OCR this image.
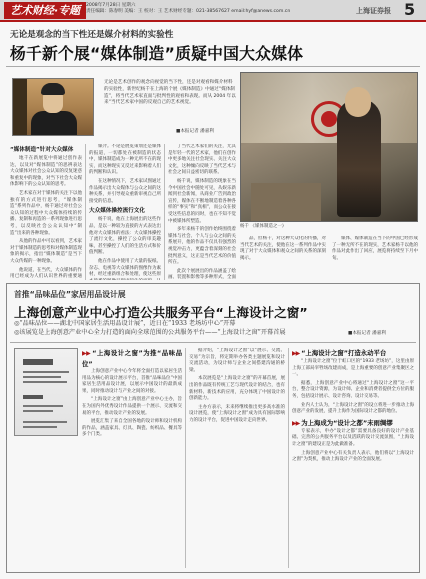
艺术财经·专题	2008年7月28日 星期六
责任编辑：陈春明 美编：王 校对：王 艺术财经专题：021-38567627 email:hyf@anews.com.cn	上海证券报 5
无论是观念的当下性还是媒介材料的实验性
杨千新个展“媒体制造”质疑中国大众媒体
无论是艺术创作的观念向视觉的当下性，还是对观看和媒介材料的实验性，新世纪杨千在上海的个展《媒体制造》中通过“媒体制造”，将当代艺术家直面与批判性的观看和表现。而从 2004 年以来“当代艺术家中国的反观自己的艺术视觉。
■本报记者 潘嘉利
杨千 《媒体制造之一》

“媒体制造”针对大众媒体

地千在新展览中将通过创作表达，以及对“媒体制造”的思辨表达大众媒体对社会公众认知的反复迷惑和重复中的现象，对当下社会大众媒体影响下的公众认知的思考。

艺术家在对于媒体的关注下以他独有的方式进行思考，“媒体制造”系列作品中，杨千通过对社会公众认知的过程中大众媒体持续的传播、复制和再造的一系列现象进行思考，以反映社会公众认知中“制造”出来的各种现象。

从他的作品中可以看到，艺术家对于媒体制造的思考和对媒体制造现象的揭示，指出“媒体制造”是当下大众传媒的一种现象。

他说道，在当代，大众媒体的作用已经成为人们认识世界的重要通

媒介。不论是展览策划还是媒体的报道，一切都处在被制造的状态中，媒体制造成为一种无所不在的现实，而这种现实又反过来影响着人们的判断和认识。

在这种情况下，艺术家试图通过作品揭示出大众媒体与公众之间的这种关系，并引导观众重新审视自己所接受的信息。

大众媒体操控流行文化

杨千说，他在上海展出的这些作品，是以一种较为直接的方式表达出他对大众媒体的看法：大众媒体操控了流行文化，操控了公众的审美趣味，甚至操控了人们的生活方式和价值判断。

他在作品中使用了大量的报纸、杂志、电视等大众媒体的图像作为素材，经过重新组合和处理，使这些原

了当代艺术家们的关注，尤其是年轻一代的艺术家，他们在创作中更多地关注社会现实、关注大众文化，这种倾向反映了当代艺术与社会之间日益密切的联系。

杨千说，媒体制造的现象在当今中国社会中随处可见，从娱乐新闻到社会新闻，从商业广告到政治宣传，媒体在不断地制造着各种各样的“事实”和“真相”，而公众在接受这些信息的同时，也在不知不觉中被媒体所塑造。

多年来杨千的创作始终围绕着媒体与社会、个人与公众之间的关系展开，他的作品不仅具有强烈的视觉冲击力，更蕴含着深刻的社会批判意义，这正是当代艺术的价值所在。

此次个展展出的作品涵盖了绘画、装置和影像等多种形式，全面

品，但杨千，对这种大众化的传播，对当代艺术的关注，使他在这一系列作品中实现了对于大众媒体和观众之间的关系的深刻揭示。

媒体、媒体制造在当下的中国已经形成了一种无所不在的现实，艺术家杨千以他的作品对此作出了回应，展览将持续至下月中旬。

首推“品味品位”家居用品设计展
上海创意产业中心打造公共服务平台“上海设计之窗”
◎“品味品位——湖北中国家居生活用品设计展”，近日在“1933 老场坊中心”开幕
◎该展览是上海创意产业中心全力打造的面向全球范围的公共服务平台——“上海设计之窗”开幕首展	■本报记者 潘嘉利
▶▶ “上海设计之窗”为推“品味品位”

上海创意产业中心今年将全面打造以家居生活用品为核心的设计展示平台，首推“品味品位”中国家居生活用品设计展，以展示中国设计的最新成果，同时推动设计与产业之间的对接。

“上海设计之窗”由上海创意产业中心主办，旨在为国内外优秀设计作品提供一个展示、交流和交易的平台，推动设计产业的发展。

展览汇集了来自全国各地的设计师和设计机构的作品，涵盖家具、灯具、陶瓷、纺织品、餐具等多个门类。

据介绍，“上海设计之窗”以“展示、交流、交易”为宗旨，将定期举办各类主题展览和设计交流活动，为设计师与企业之间搭建沟通的桥梁。

本次展览是“上海设计之窗”的开幕首展，展出的作品既有传统工艺与现代设计的结合，也有新材料、新技术的应用，充分体现了中国设计的创新能力。

主办方表示，未来将继续推出更多高水准的设计展览，使“上海设计之窗”成为具有国际影响力的设计平台，促进中国设计走向世界。

▶▶ “上海设计之窗”打造永动平台

“上海设计之窗”位于虹口区的“1933 老场坊”，这里由原上海工部局宰牲场改建而成，是上海重要的创意产业集聚区之一。

据悉，上海创意产业中心将通过“上海设计之窗”这一平台，整合设计资源，为设计师、企业和消费者提供全方位的服务，包括设计展示、设计咨询、设计交易等。

业内人士认为，“上海设计之窗”的设立将进一步推动上海创意产业的发展，提升上海作为国际设计之都的地位。

▶▶ 为上海成为“设计之都”未雨绸缪

专家表示，申办“设计之都”需要具备良好的设计产业基础、完善的公共服务平台以及活跃的设计交流氛围，“上海设计之窗”的建设正是为此做准备。

上海创意产业中心有关负责人表示，他们将以“上海设计之窗”为契机，推动上海设计产业的全面发展。
